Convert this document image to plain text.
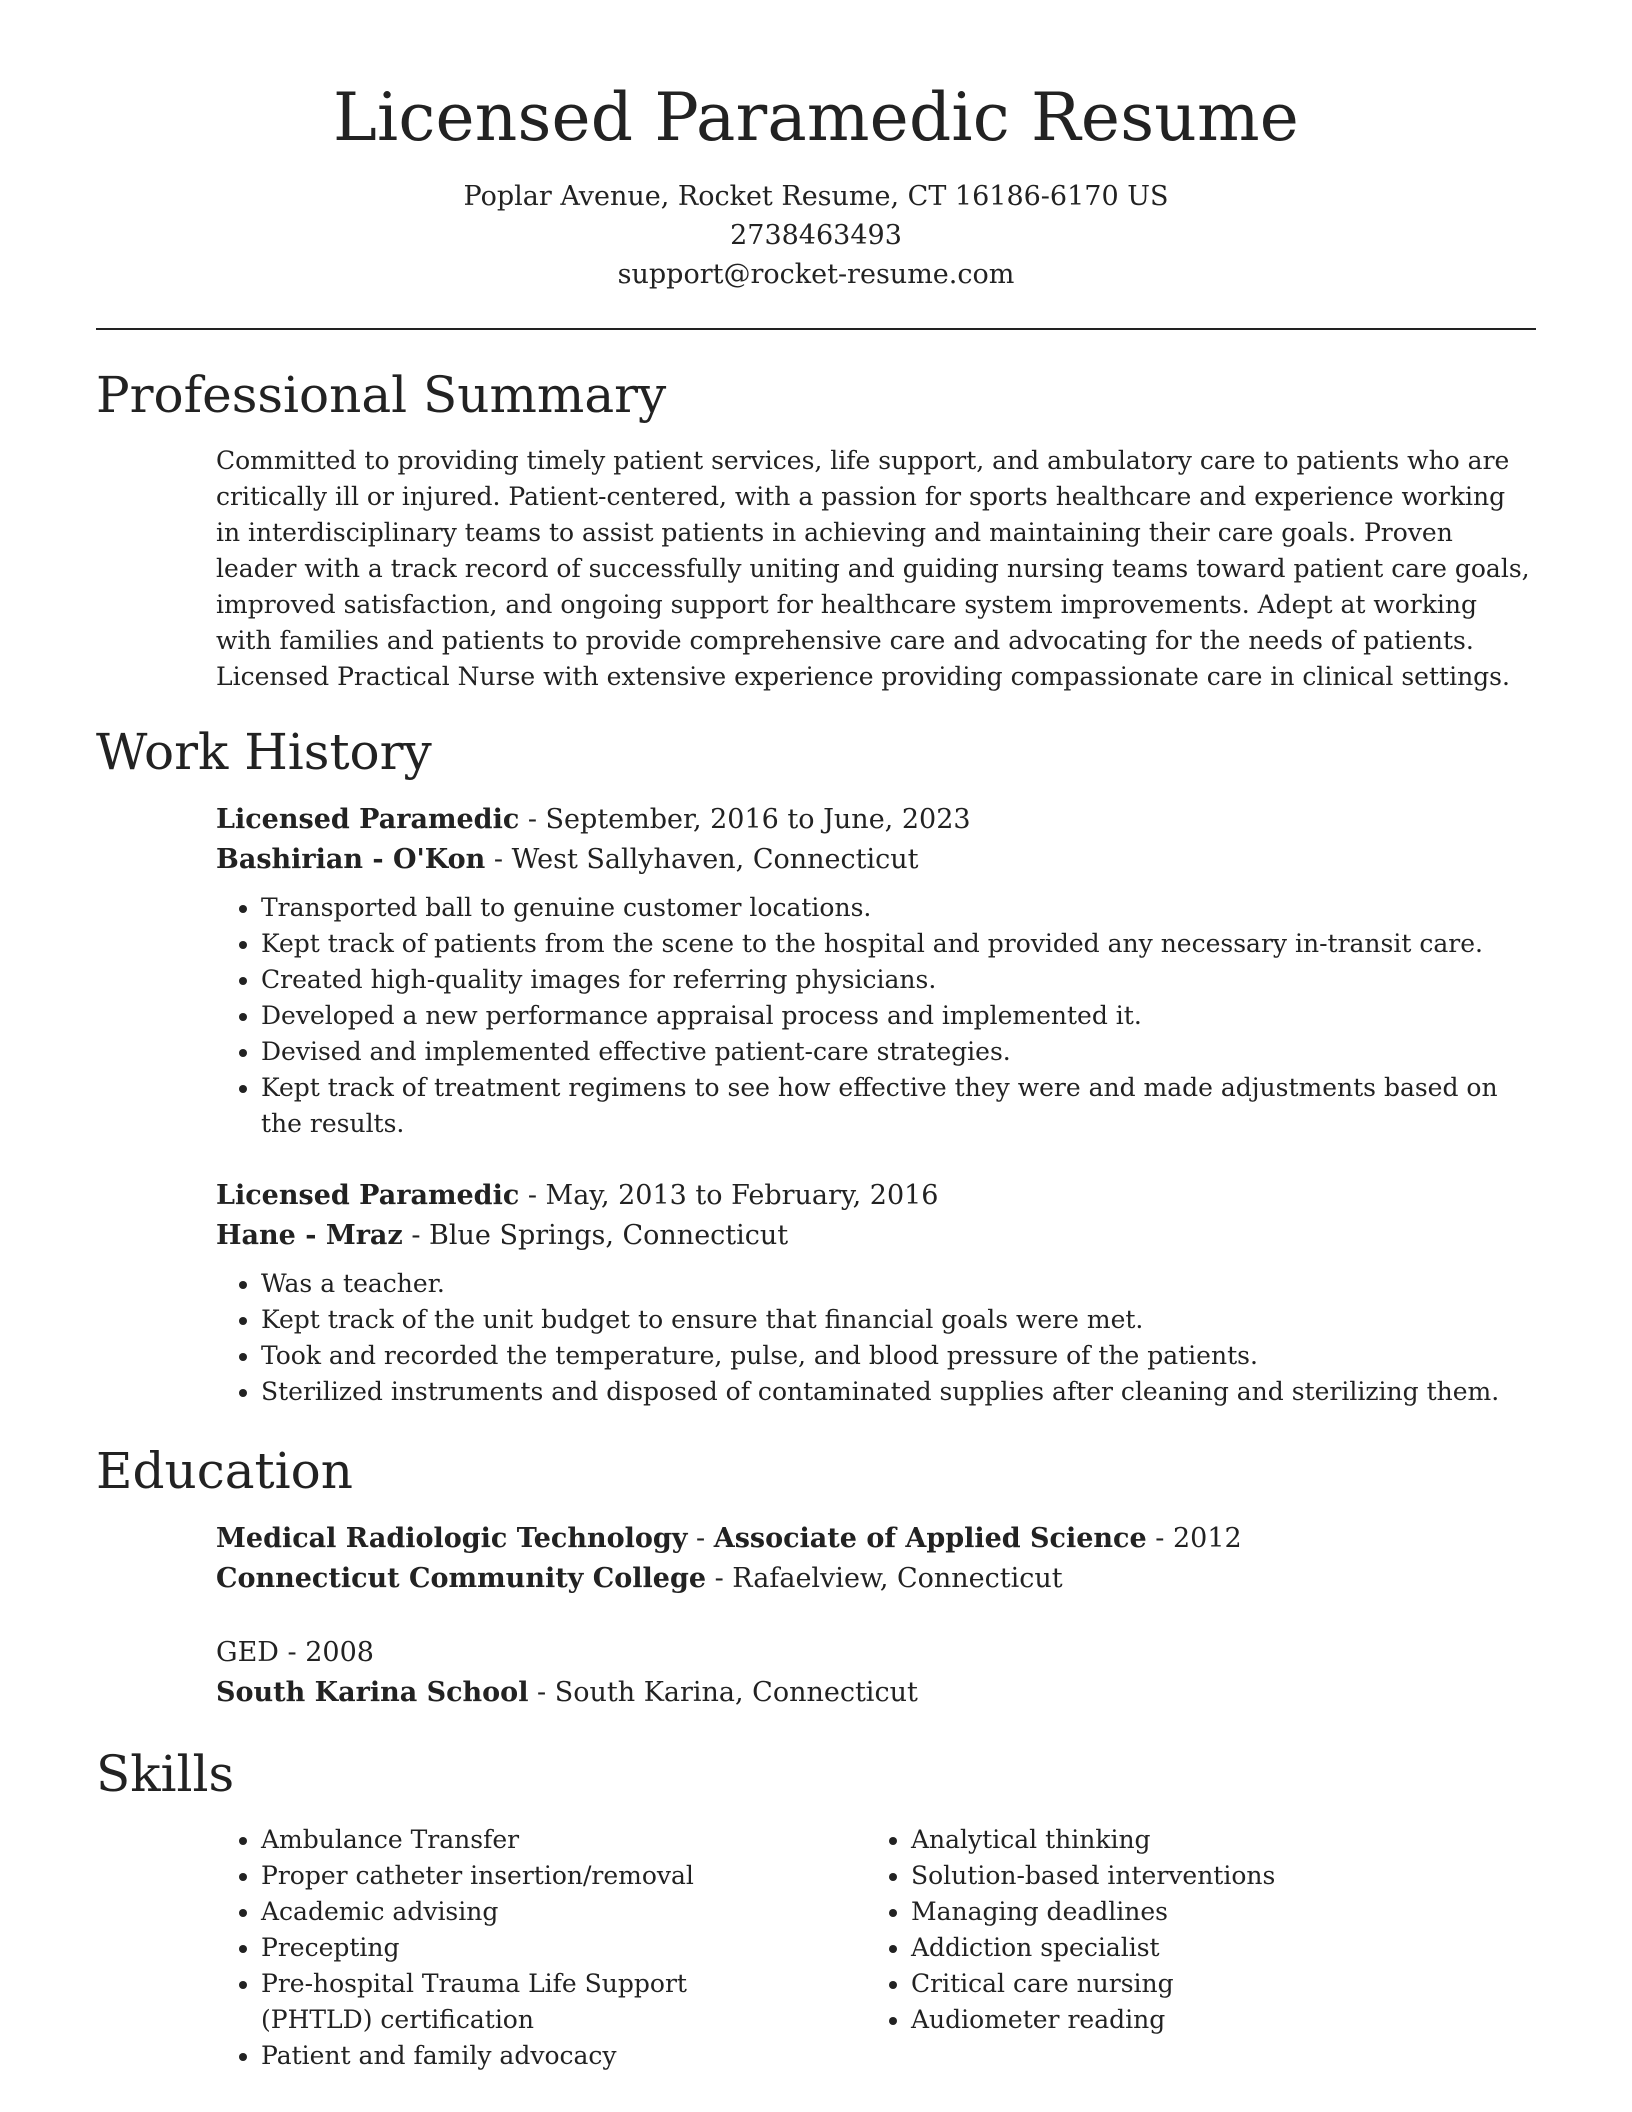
Licensed Paramedic Resume
Poplar Avenue, Rocket Resume, CT 16186-6170 US
2738463493
support@rocket-resume.com
Professional Summary

Committed to providing timely patient services, life support, and ambulatory care to patients who are critically ill or injured. Patient-centered, with a passion for sports healthcare and experience working in interdisciplinary teams to assist patients in achieving and maintaining their care goals. Proven leader with a track record of successfully uniting and guiding nursing teams toward patient care goals, improved satisfaction, and ongoing support for healthcare system improvements. Adept at working with families and patients to provide comprehensive care and advocating for the needs of patients. Licensed Practical Nurse with extensive experience providing compassionate care in clinical settings.

Work History
Licensed Paramedic - September, 2016 to June, 2023
Bashirian - O'Kon - West Sallyhaven, Connecticut
• Transported ball to genuine customer locations.
• Kept track of patients from the scene to the hospital and provided any necessary in-transit care.
• Created high-quality images for referring physicians.
• Developed a new performance appraisal process and implemented it.
• Devised and implemented effective patient-care strategies.
• Kept track of treatment regimens to see how effective they were and made adjustments based on the results.
Licensed Paramedic - May, 2013 to February, 2016
Hane - Mraz - Blue Springs, Connecticut
• Was a teacher.
• Kept track of the unit budget to ensure that financial goals were met.
• Took and recorded the temperature, pulse, and blood pressure of the patients.
• Sterilized instruments and disposed of contaminated supplies after cleaning and sterilizing them.
Education
Medical Radiologic Technology - Associate of Applied Science - 2012
Connecticut Community College - Rafaelview, Connecticut
GED - 2008
South Karina School - South Karina, Connecticut
Skills
• Ambulance Transfer
• Proper catheter insertion/removal
• Academic advising
• Precepting
• Pre-hospital Trauma Life Support (PHTLD) certification
• Patient and family advocacy
• Analytical thinking
• Solution-based interventions
• Managing deadlines
• Addiction specialist
• Critical care nursing
• Audiometer reading
